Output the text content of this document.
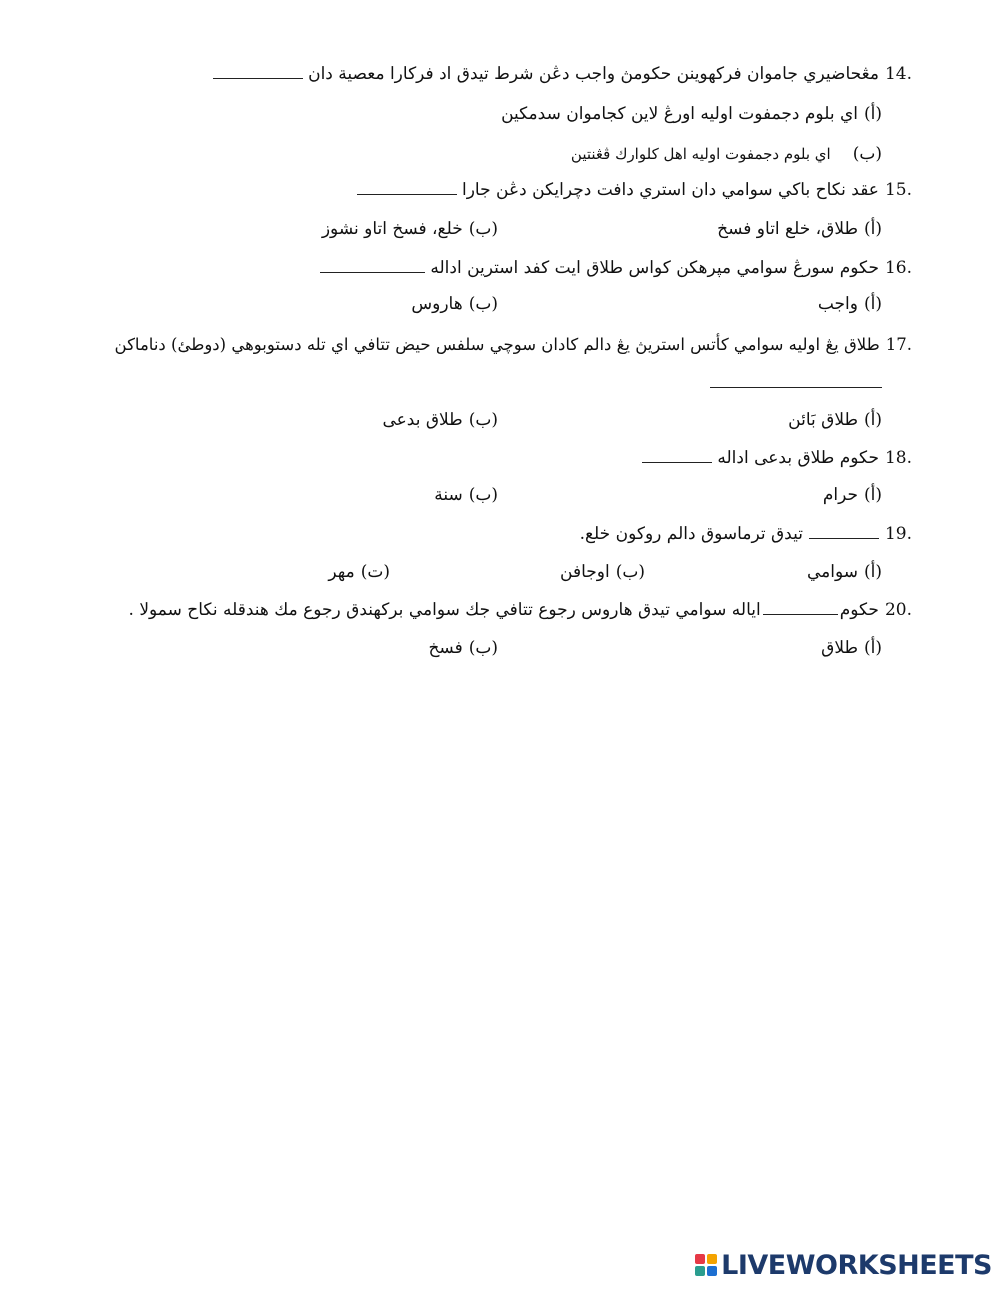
14.مڠحاضيري جاموان فركهوينن حكومڽ واجب دڠن شرط تيدق اد فركارا معصية دان
(أ)اي بلوم دجمفوت اوليه اورڠ لاين كجاموان سدمكين
(ب)اي بلوم دجمفوت اوليه اهل كلوارك ڤڠنتين
15.عقد نكاح باكي سوامي دان استري دافت دچرايكن دڠن جارا
(أ)طلاق، خلع اتاو فسخ
(ب)خلع، فسخ اتاو نشوز
16.حكوم سورڠ سوامي مڽرهكن كواس طلاق ايت كفد استرين اداله
(أ)واجب
(ب)هاروس
17.طلاق يڠ اوليه سوامي كأتس استريڽ يڠ دالم كادان سوچي سلفس حيض تتافي اي تله دستوبوهي (دوطئ) دناماكن
(أ)طلاق بَائن
(ب)طلاق بدعى
18.حكوم طلاق بدعى اداله
(أ)حرام
(ب)سنة
19.تيدق ترماسوق دالم روكون خلع.
(أ)سوامي
(ب)اوجافن
(ت)مهر
20.حكوماياله سوامي تيدق هاروس رجوع تتافي جك سوامي بركهندق رجوع مك هندقله نكاح سمولا .
(أ)طلاق
(ب)فسخ
LIVEWORKSHEETS
